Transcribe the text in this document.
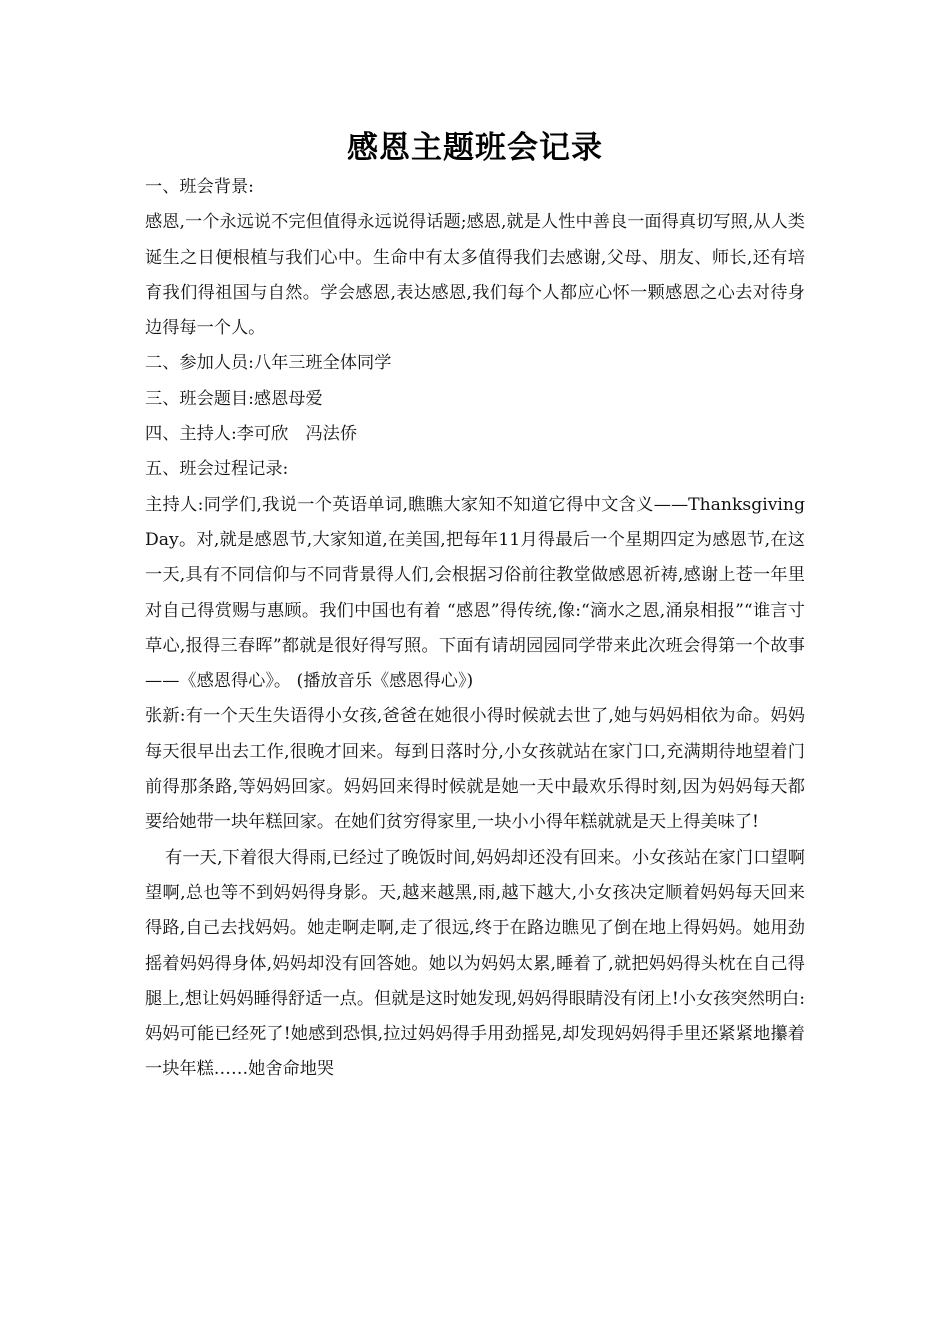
感恩主题班会记录

一、班会背景:

感恩,一个永远说不完但值得永远说得话题;感恩,就是人性中善良一面得真切写照,从人类诞生之日便根植与我们心中。生命中有太多值得我们去感谢,父母、朋友、师长,还有培育我们得祖国与自然。学会感恩,表达感恩,我们每个人都应心怀一颗感恩之心去对待身边得每一个人。

二、参加人员:八年三班全体同学

三、班会题目:感恩母爱

四、主持人:李可欣　冯法侨

五、班会过程记录:

主持人:同学们,我说一个英语单词,瞧瞧大家知不知道它得中文含义——Thanksgiving Day。对,就是感恩节,大家知道,在美国,把每年11月得最后一个星期四定为感恩节,在这一天,具有不同信仰与不同背景得人们,会根据习俗前往教堂做感恩祈祷,感谢上苍一年里对自己得赏赐与惠顾。我们中国也有着 “感恩”得传统,像:“滴水之恩,涌泉相报”“谁言寸草心,报得三春晖”都就是很好得写照。下面有请胡园园同学带来此次班会得第一个故事——《感恩得心》。 (播放音乐《感恩得心》)

张新:有一个天生失语得小女孩,爸爸在她很小得时候就去世了,她与妈妈相依为命。妈妈每天很早出去工作,很晚才回来。每到日落时分,小女孩就站在家门口,充满期待地望着门前得那条路,等妈妈回家。妈妈回来得时候就是她一天中最欢乐得时刻,因为妈妈每天都要给她带一块年糕回家。在她们贫穷得家里,一块小小得年糕就就是天上得美味了!

有一天,下着很大得雨,已经过了晚饭时间,妈妈却还没有回来。小女孩站在家门口望啊望啊,总也等不到妈妈得身影。天,越来越黑,雨,越下越大,小女孩决定顺着妈妈每天回来得路,自己去找妈妈。她走啊走啊,走了很远,终于在路边瞧见了倒在地上得妈妈。她用劲摇着妈妈得身体,妈妈却没有回答她。她以为妈妈太累,睡着了,就把妈妈得头枕在自己得腿上,想让妈妈睡得舒适一点。但就是这时她发现,妈妈得眼睛没有闭上!小女孩突然明白:妈妈可能已经死了!她感到恐惧,拉过妈妈得手用劲摇晃,却发现妈妈得手里还紧紧地攥着一块年糕……她舍命地哭
